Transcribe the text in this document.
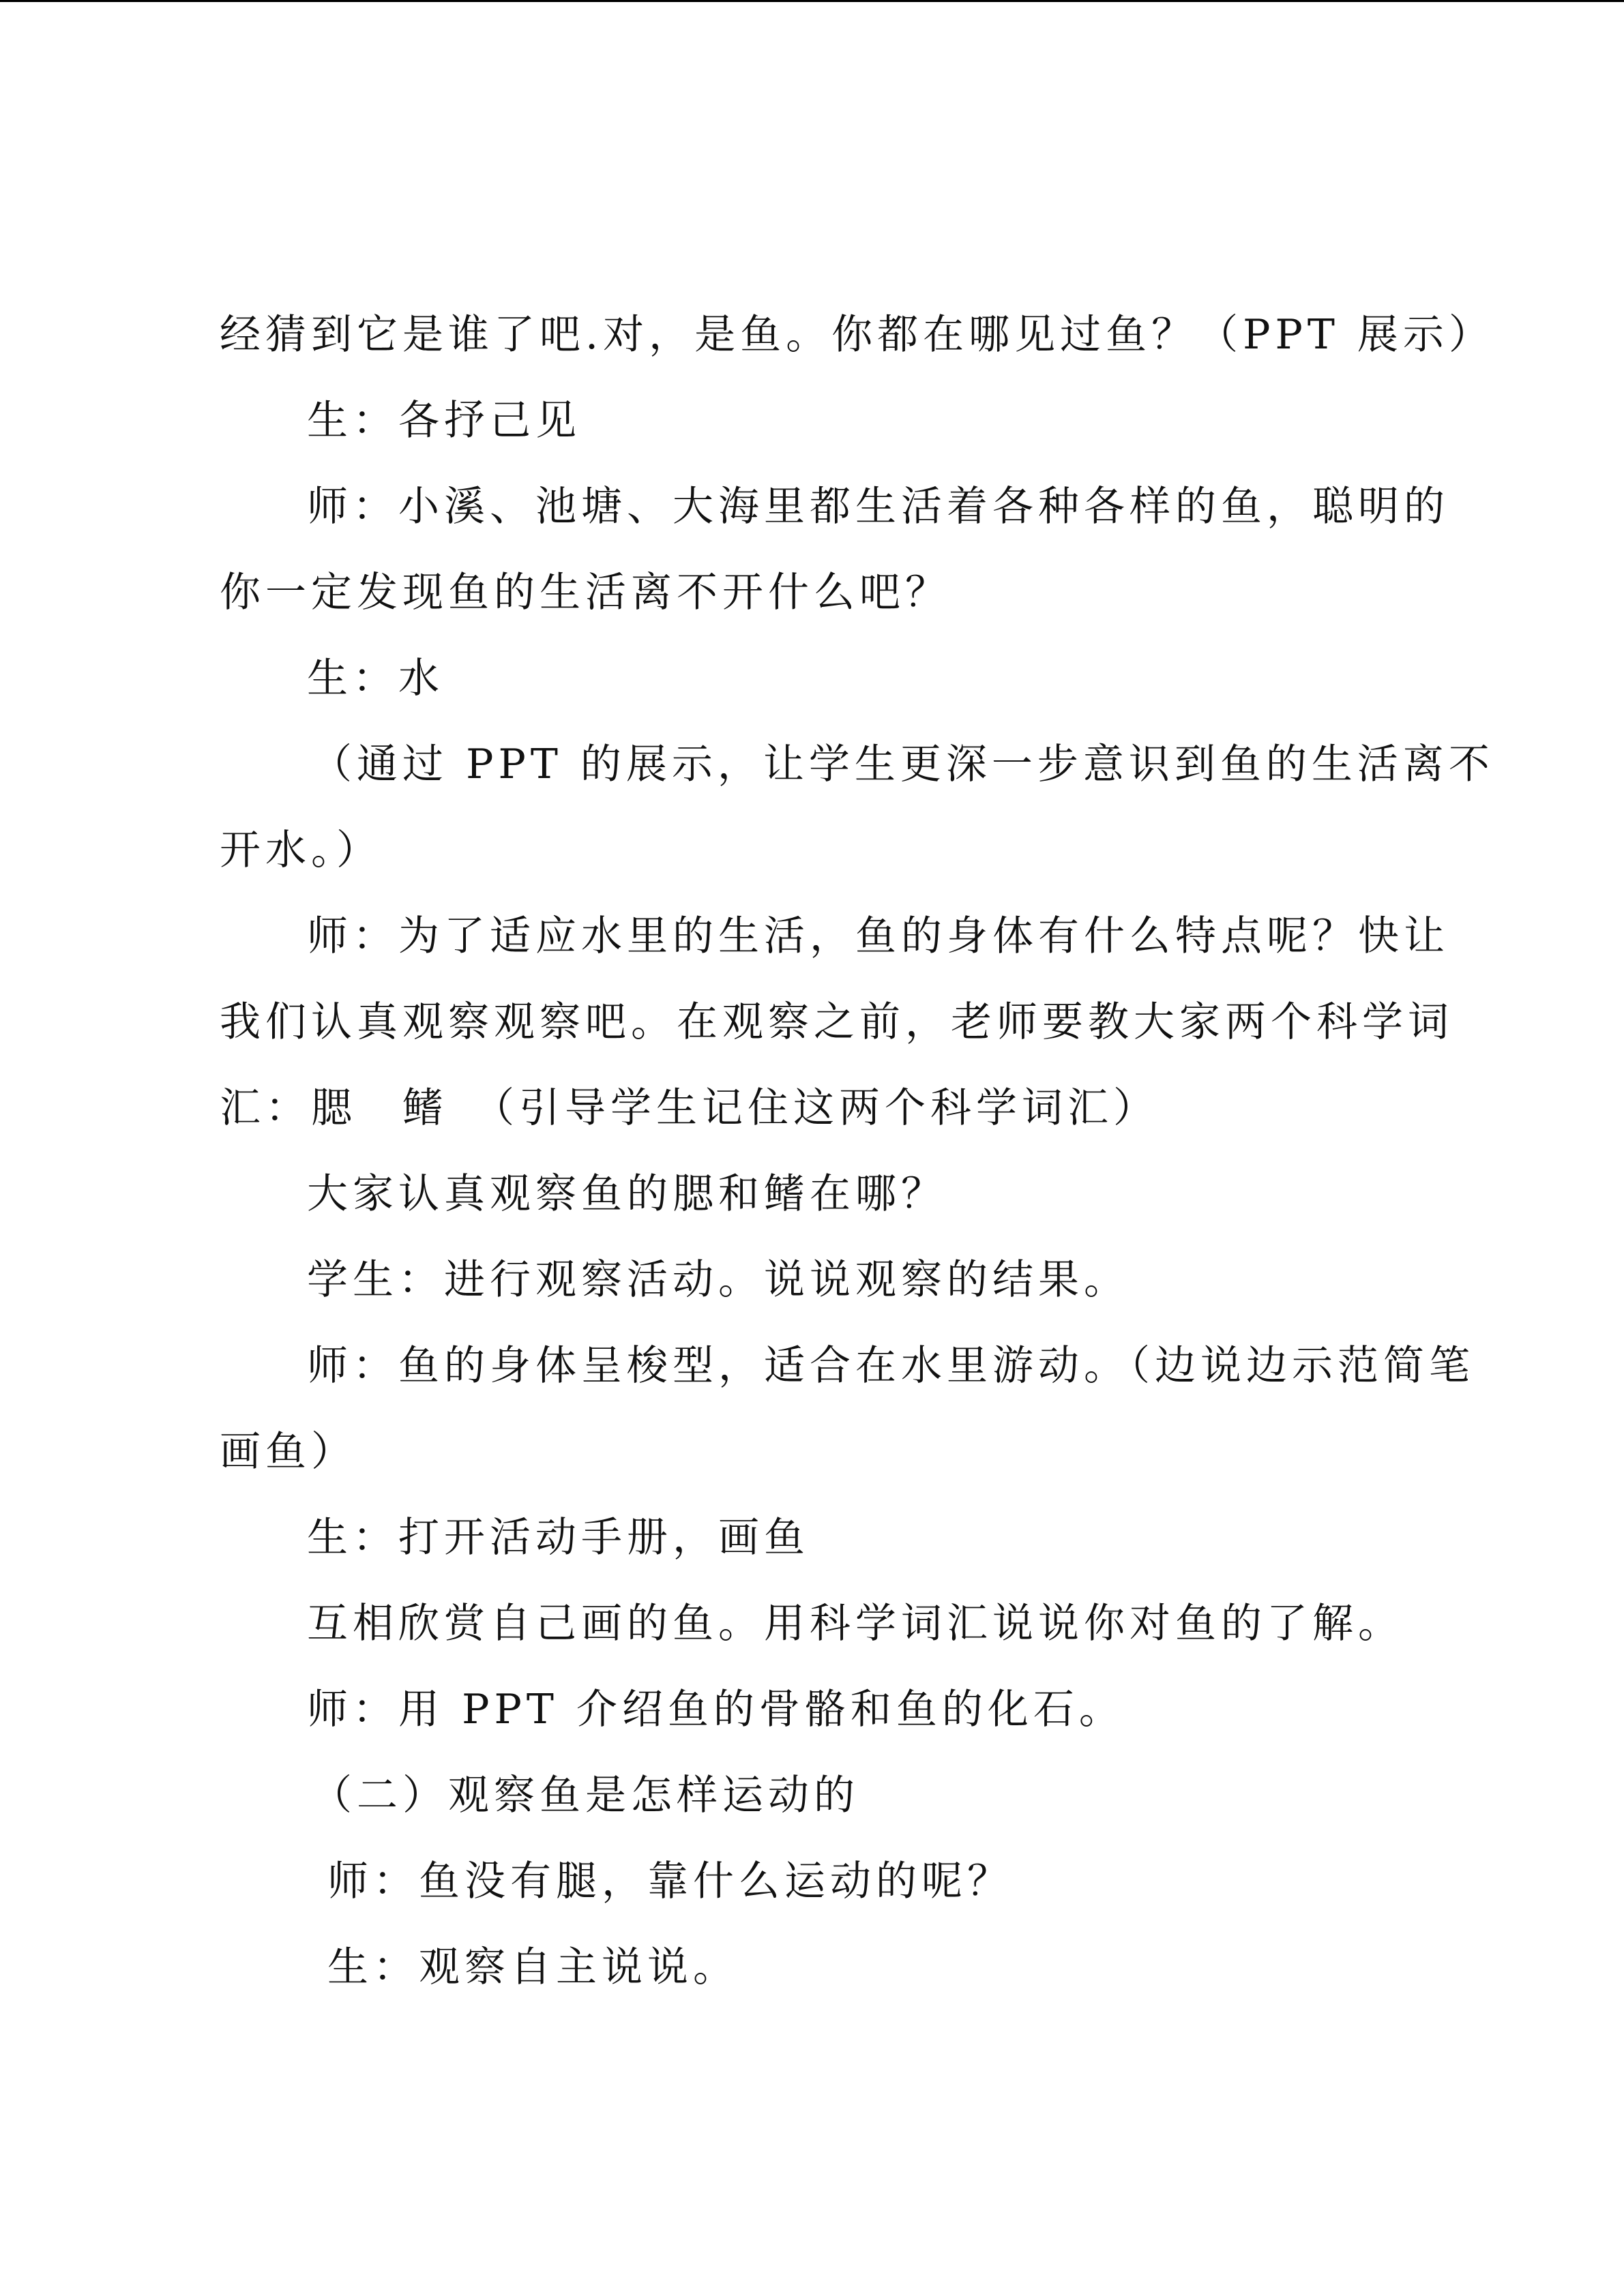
经猜到它是谁了吧.对，是鱼。你都在哪见过鱼？（PPT 展示）
生：各抒己见
师：小溪、池塘、大海里都生活着各种各样的鱼，聪明的
你一定发现鱼的生活离不开什么吧？
生：水
（通过 PPT 的展示，让学生更深一步意识到鱼的生活离不
开水。）
师：为了适应水里的生活，鱼的身体有什么特点呢？快让
我们认真观察观察吧。在观察之前，老师要教大家两个科学词
汇：腮　鳍　（引导学生记住这两个科学词汇）
大家认真观察鱼的腮和鳍在哪？
学生：进行观察活动。说说观察的结果。
师：鱼的身体呈梭型，适合在水里游动。（边说边示范简笔
画鱼）
生：打开活动手册，画鱼
互相欣赏自己画的鱼。用科学词汇说说你对鱼的了解。
师：用 PPT 介绍鱼的骨骼和鱼的化石。
（二）观察鱼是怎样运动的
师：鱼没有腿，靠什么运动的呢？
生：观察自主说说。
